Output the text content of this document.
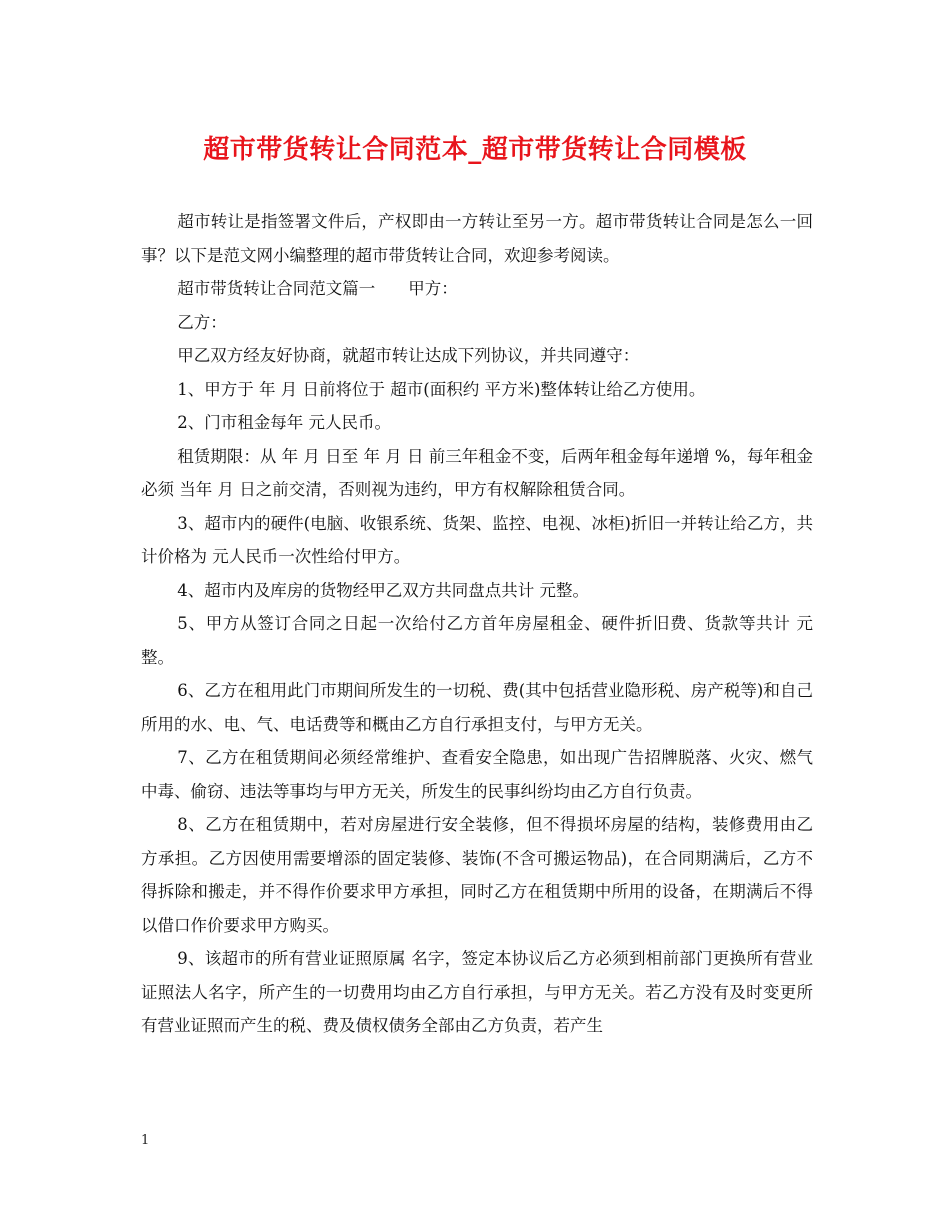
超市带货转让合同范本_超市带货转让合同模板

超市转让是指签署文件后，产权即由一方转让至另一方。超市带货转让合同是怎么一回事？以下是范文网小编整理的超市带货转让合同，欢迎参考阅读。

超市带货转让合同范文篇一　　甲方：

乙方：

甲乙双方经友好协商，就超市转让达成下列协议，并共同遵守：

1、甲方于 年 月 日前将位于 超市(面积约 平方米)整体转让给乙方使用。

2、门市租金每年 元人民币。

租赁期限：从 年 月 日至 年 月 日 前三年租金不变，后两年租金每年递增 %，每年租金必须 当年 月 日之前交清，否则视为违约，甲方有权解除租赁合同。

3、超市内的硬件(电脑、收银系统、货架、监控、电视、冰柜)折旧一并转让给乙方，共计价格为 元人民币一次性给付甲方。

4、超市内及库房的货物经甲乙双方共同盘点共计 元整。

5、甲方从签订合同之日起一次给付乙方首年房屋租金、硬件折旧费、货款等共计 元整。

6、乙方在租用此门市期间所发生的一切税、费(其中包括营业隐形税、房产税等)和自己所用的水、电、气、电话费等和概由乙方自行承担支付，与甲方无关。

7、乙方在租赁期间必须经常维护、查看安全隐患，如出现广告招牌脱落、火灾、燃气中毒、偷窃、违法等事均与甲方无关，所发生的民事纠纷均由乙方自行负责。

8、乙方在租赁期中，若对房屋进行安全装修，但不得损坏房屋的结构，装修费用由乙方承担。乙方因使用需要增添的固定装修、装饰(不含可搬运物品)，在合同期满后，乙方不得拆除和搬走，并不得作价要求甲方承担，同时乙方在租赁期中所用的设备，在期满后不得以借口作价要求甲方购买。

9、该超市的所有营业证照原属 名字，签定本协议后乙方必须到相前部门更换所有营业证照法人名字，所产生的一切费用均由乙方自行承担，与甲方无关。若乙方没有及时变更所有营业证照而产生的税、费及债权债务全部由乙方负责，若产生

1
